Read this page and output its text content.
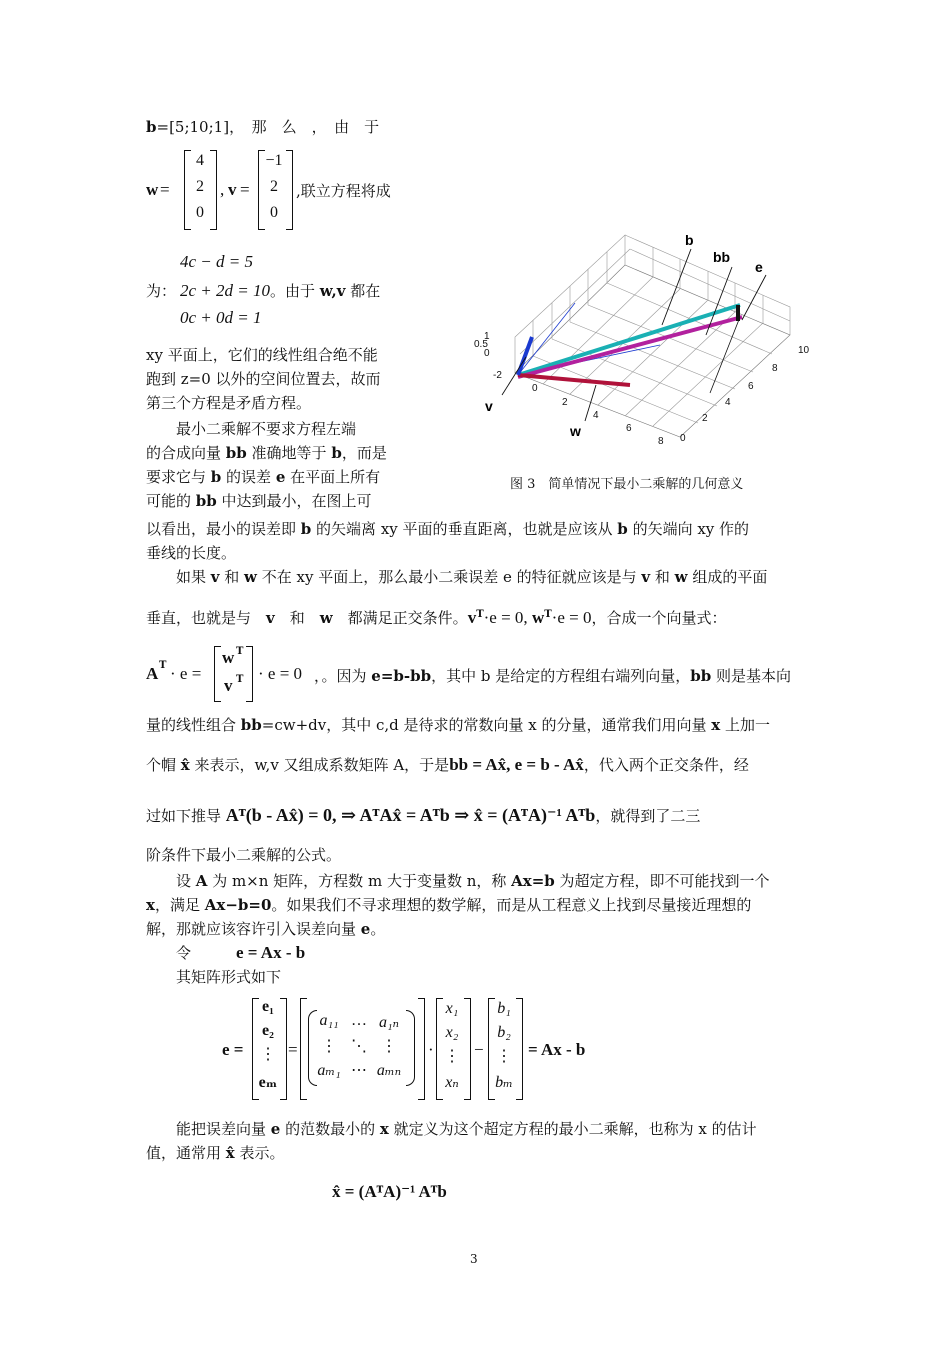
b=[5;10;1]，　那　么　，　由　于
w =
4
2
0
, v =
−1
2
0
,联立方程将成
4c − d = 5
为： 2c + 2d = 10。由于 w,v 都在
0c + 0d = 1
xy 平面上，它们的线性组合绝不能
跑到 z=0 以外的空间位置去，故而
第三个方程是矛盾方程。
　　最小二乘解不要求方程左端
的合成向量 bb 准确地等于 b，而是
要求它与 b 的误差 e 在平面上所有
可能的 bb 中达到最小，在图上可
b
bb
e
v
w
1
0.5
0
-2
0
2
4
6
8 0
2
4
6
8
10
图 3　简单情况下最小二乘解的几何意义
以看出，最小的误差即 b 的矢端离 xy 平面的垂直距离，也就是应该从 b 的矢端向 xy 作的
垂线的长度。
　　如果 v 和 w 不在 xy 平面上，那么最小二乘误差 e 的特征就应该是与 v 和 w 组成的平面
垂直，也就是与　v　和　w　都满足正交条件。$v^T\cdot e = 0$, $w^T\cdot e = 0$，合成一个向量式：
A T · e =
w T
v T · e = 0 ，。因为 e=b-bb，其中 b 是给定的方程组右端列向量，bb 则是基本向
量的线性组合 bb=cw+dv，其中 c,d 是待求的常数向量 x 的分量，通常我们用向量 x 上加一
个帽 x̂ 来表示，w,v 又组成系数矩阵 A，于是bb = Ax̂, e = b - Ax̂，代入两个正交条件，经
过如下推导 Aᵀ(b - Ax̂) = 0, ⇒ AᵀAx̂ = Aᵀb ⇒ x̂ = (AᵀA)⁻¹ Aᵀb，就得到了二三
阶条件下最小二乘解的公式。
　　设 A 为 m×n 矩阵，方程数 m 大于变量数 n，称 Ax=b 为超定方程，即不可能找到一个
x，满足 Ax−b=0。如果我们不寻求理想的数学解，而是从工程意义上找到尽量接近理想的
解，那就应该容许引入误差向量 e。
　　令　　　e = Ax - b
　　其矩阵形式如下
e =
e₁
e₂
⋮
eₘ
=
a₁₁ … a₁ₙ
⋮ ⋱ ⋮
aₘ₁ ⋯ aₘₙ
·
x₁
x₂
⋮
xₙ
−
b₁
b₂
⋮
bₘ
= Ax - b
　　能把误差向量 e 的范数最小的 x 就定义为这个超定方程的最小二乘解，也称为 x 的估计
值，通常用 x̂ 表示。
x̂ = (AᵀA)⁻¹ Aᵀb
3
